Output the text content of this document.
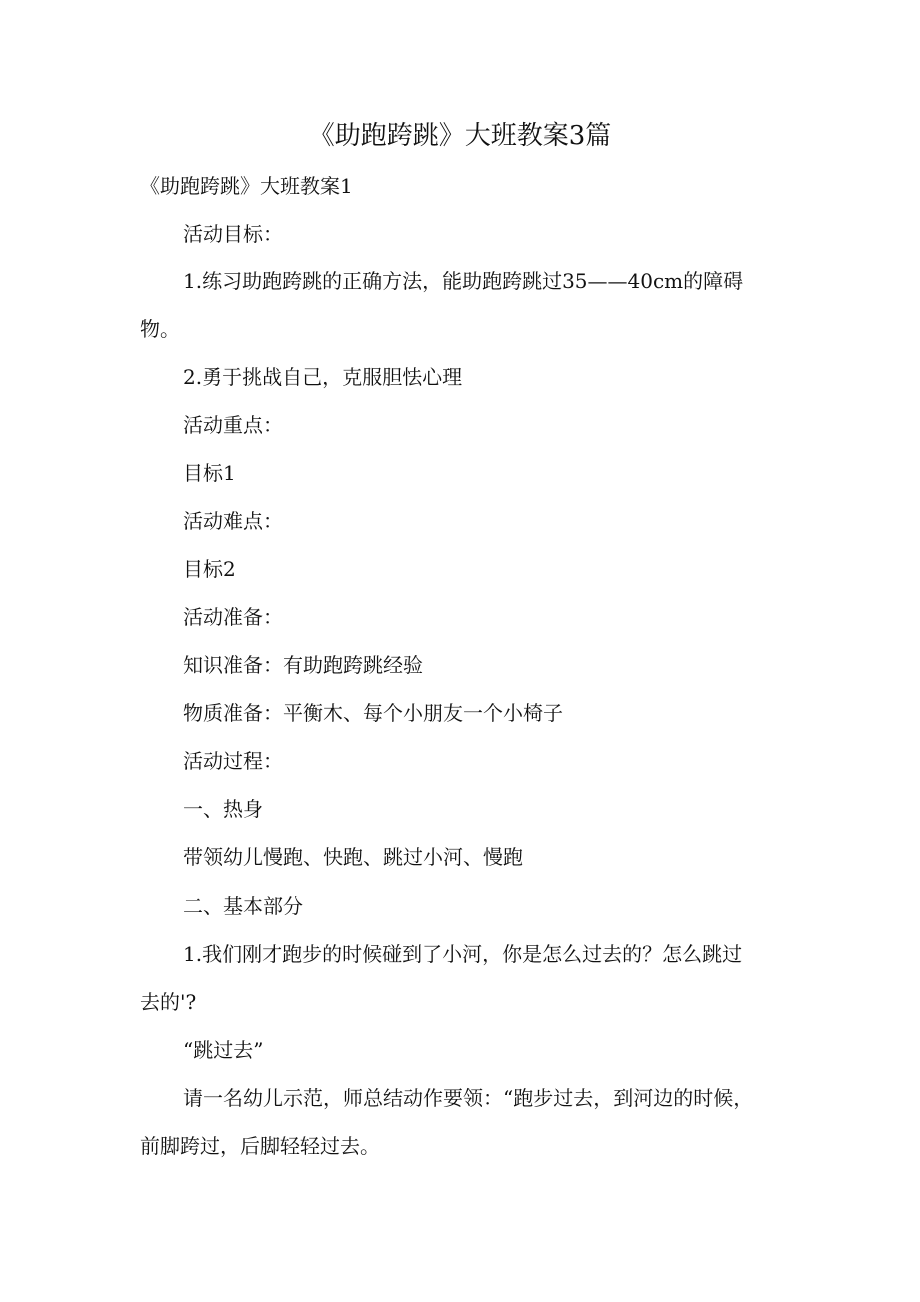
《助跑跨跳》大班教案3篇
《助跑跨跳》大班教案1
活动目标：
1.练习助跑跨跳的正确方法，能助跑跨跳过35——40cm的障碍
物。
2.勇于挑战自己，克服胆怯心理
活动重点：
目标1
活动难点：
目标2
活动准备：
知识准备：有助跑跨跳经验
物质准备：平衡木、每个小朋友一个小椅子
活动过程：
一、热身
带领幼儿慢跑、快跑、跳过小河、慢跑
二、基本部分
1.我们刚才跑步的时候碰到了小河，你是怎么过去的？怎么跳过
去的'?
“跳过去”
请一名幼儿示范，师总结动作要领：“跑步过去，到河边的时候，
前脚跨过，后脚轻轻过去。
